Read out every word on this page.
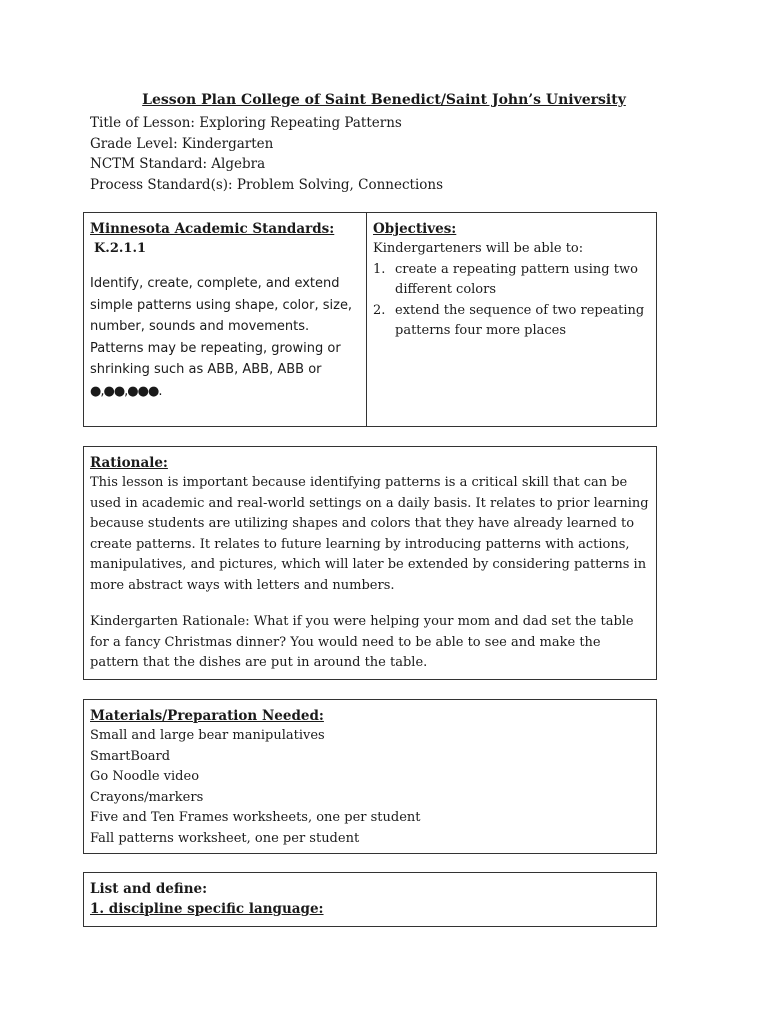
Lesson Plan College of Saint Benedict/Saint John’s University
Title of Lesson: Exploring Repeating Patterns
Grade Level: Kindergarten
NCTM Standard: Algebra
Process Standard(s): Problem Solving, Connections
Minnesota Academic Standards:
K.2.1.1
Identify, create, complete, and extend simple patterns using shape, color, size, number, sounds and movements. Patterns may be repeating, growing or shrinking such as ABB, ABB, ABB or
●,●●,●●●.
Objectives:
Kindergarteners will be able to:
1. create a repeating pattern using two different colors
2. extend the sequence of two repeating patterns four more places
Rationale:
This lesson is important because identifying patterns is a critical skill that can be used in academic and real-world settings on a daily basis. It relates to prior learning because students are utilizing shapes and colors that they have already learned to create patterns. It relates to future learning by introducing patterns with actions, manipulatives, and pictures, which will later be extended by considering patterns in more abstract ways with letters and numbers.
Kindergarten Rationale: What if you were helping your mom and dad set the table for a fancy Christmas dinner? You would need to be able to see and make the pattern that the dishes are put in around the table.
Materials/Preparation Needed:
Small and large bear manipulatives
SmartBoard
Go Noodle video
Crayons/markers
Five and Ten Frames worksheets, one per student
Fall patterns worksheet, one per student
List and define:
1. discipline specific language:
